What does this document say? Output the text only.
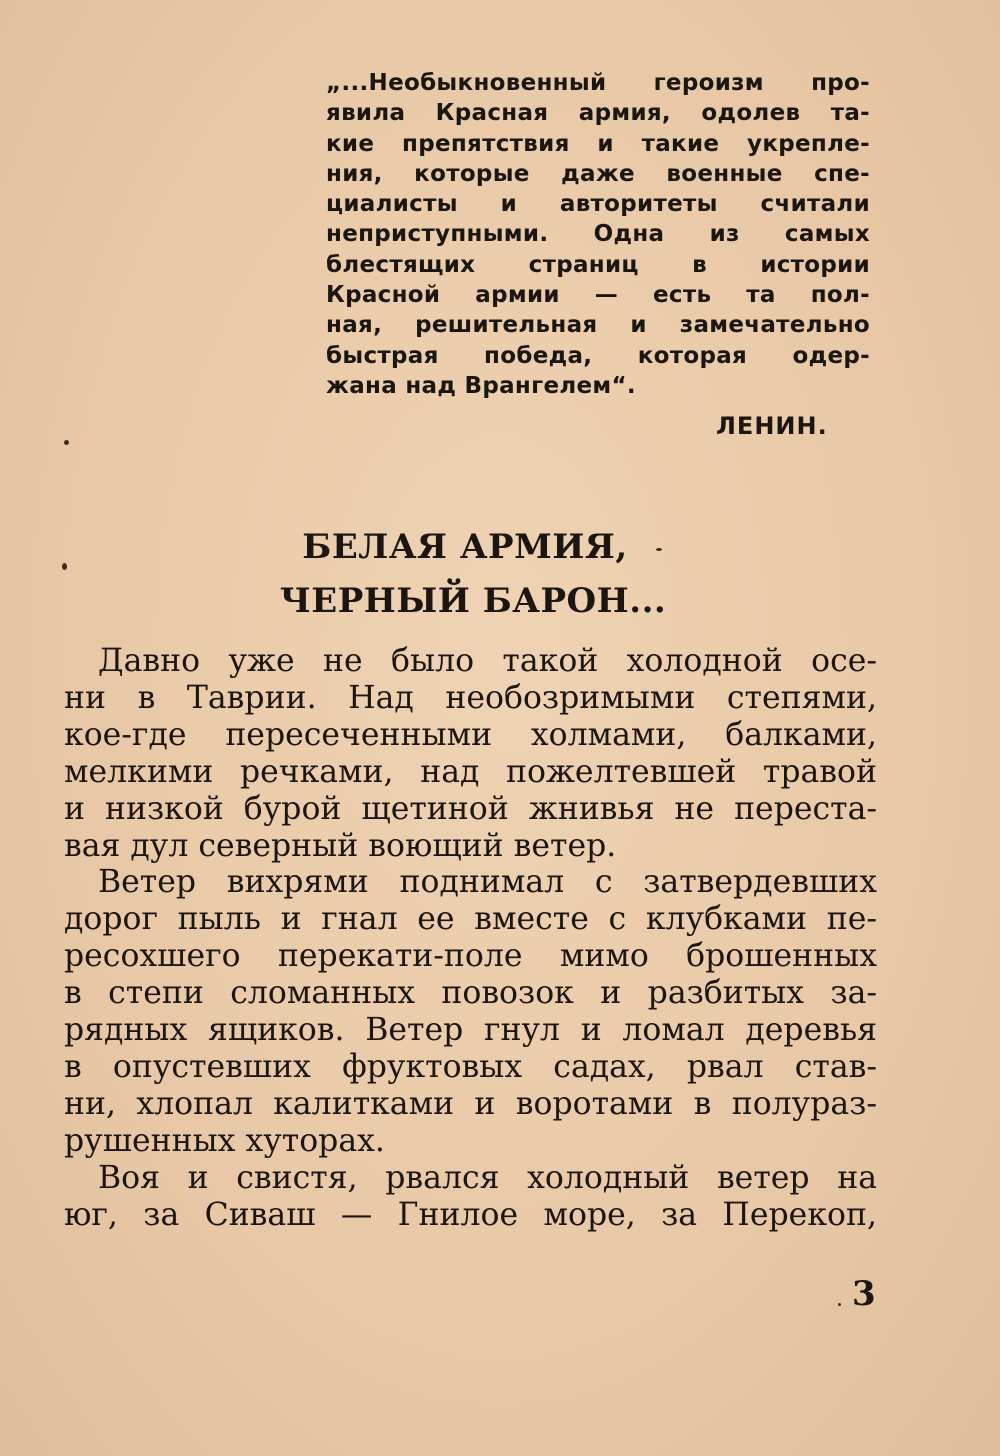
„...Необыкновенный героизм про-
явила Красная армия, одолев та-
кие препятствия и такие укрепле-
ния, которые даже военные спе-
циалисты и авторитеты считали
неприступными. Одна из самых
блестящих страниц в истории
Красной армии — есть та пол-
ная, решительная и замечательно
быстрая победа, которая одер-
жана над Врангелем“.
ЛЕНИН.
БЕЛАЯ АРМИЯ,
ЧЕРНЫЙ БАРОН...
Давно уже не было такой холодной осе-
ни в Таврии. Над необозримыми степями,
кое-где пересеченными холмами, балками,
мелкими речками, над пожелтевшей травой
и низкой бурой щетиной жнивья не переста-
вая дул северный воющий ветер.
Ветер вихрями поднимал с затвердевших
дорог пыль и гнал ее вместе с клубками пе-
ресохшего перекати-поле мимо брошенных
в степи сломанных повозок и разбитых за-
рядных ящиков. Ветер гнул и ломал деревья
в опустевших фруктовых садах, рвал став-
ни, хлопал калитками и воротами в полураз-
рушенных хуторах.
Воя и свистя, рвался холодный ветер на
юг, за Сиваш — Гнилое море, за Перекоп,
3
